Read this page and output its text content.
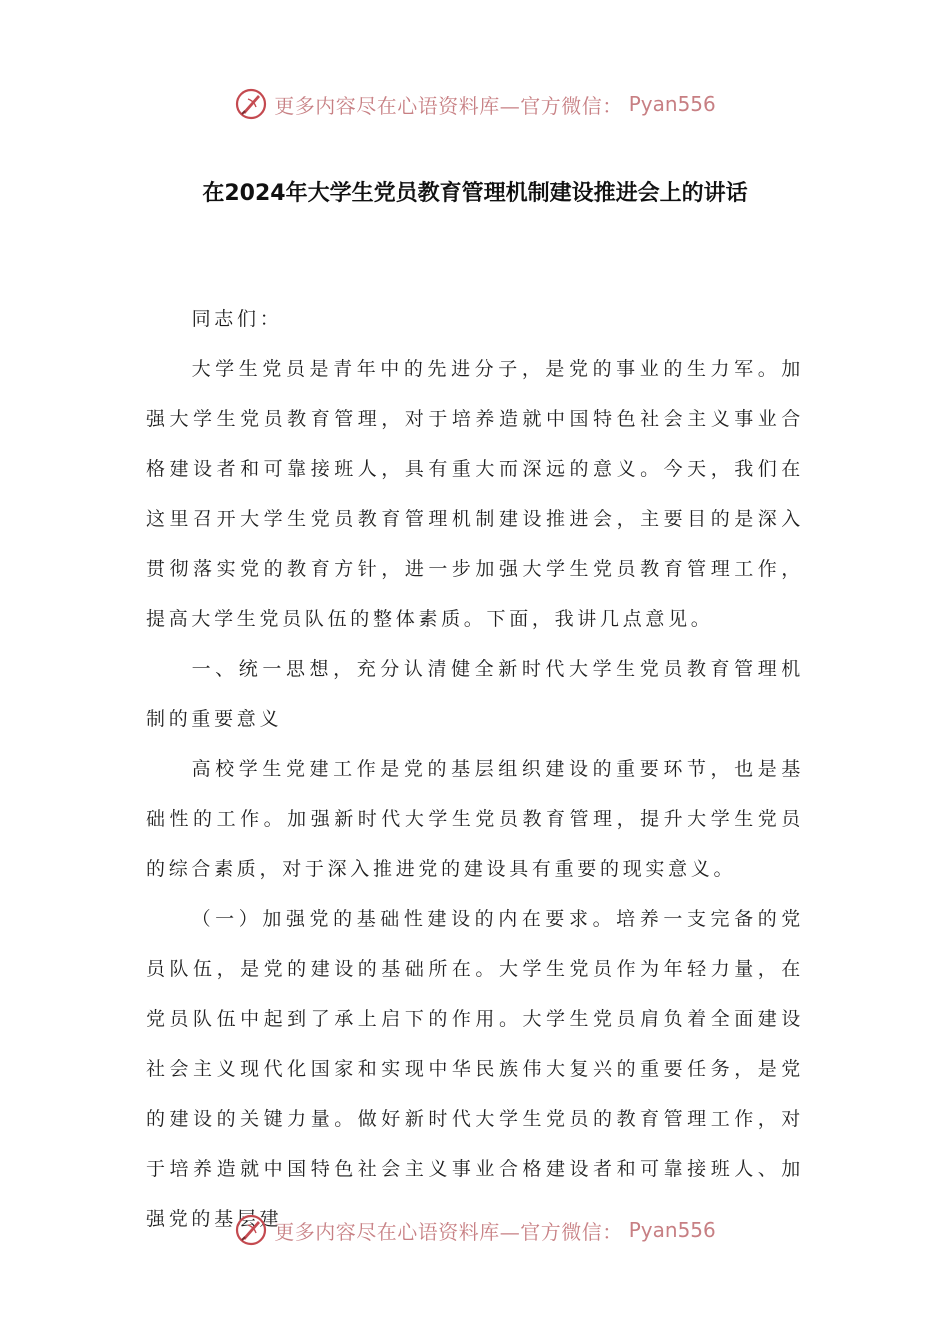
更多内容尽在心语资料库—官方微信： Pyan556
在2024年大学生党员教育管理机制建设推进会上的讲话

同志们：

大学生党员是青年中的先进分子，是党的事业的生力军。加强大学生党员教育管理，对于培养造就中国特色社会主义事业合格建设者和可靠接班人，具有重大而深远的意义。今天，我们在这里召开大学生党员教育管理机制建设推进会，主要目的是深入贯彻落实党的教育方针，进一步加强大学生党员教育管理工作，提高大学生党员队伍的整体素质。下面，我讲几点意见。

一、统一思想，充分认清健全新时代大学生党员教育管理机制的重要意义

高校学生党建工作是党的基层组织建设的重要环节，也是基础性的工作。加强新时代大学生党员教育管理，提升大学生党员的综合素质，对于深入推进党的建设具有重要的现实意义。

（一）加强党的基础性建设的内在要求。培养一支完备的党员队伍，是党的建设的基础所在。大学生党员作为年轻力量，在党员队伍中起到了承上启下的作用。大学生党员肩负着全面建设社会主义现代化国家和实现中华民族伟大复兴的重要任务，是党的建设的关键力量。做好新时代大学生党员的教育管理工作，对于培养造就中国特色社会主义事业合格建设者和可靠接班人、加强党的基层建

更多内容尽在心语资料库—官方微信： Pyan556
